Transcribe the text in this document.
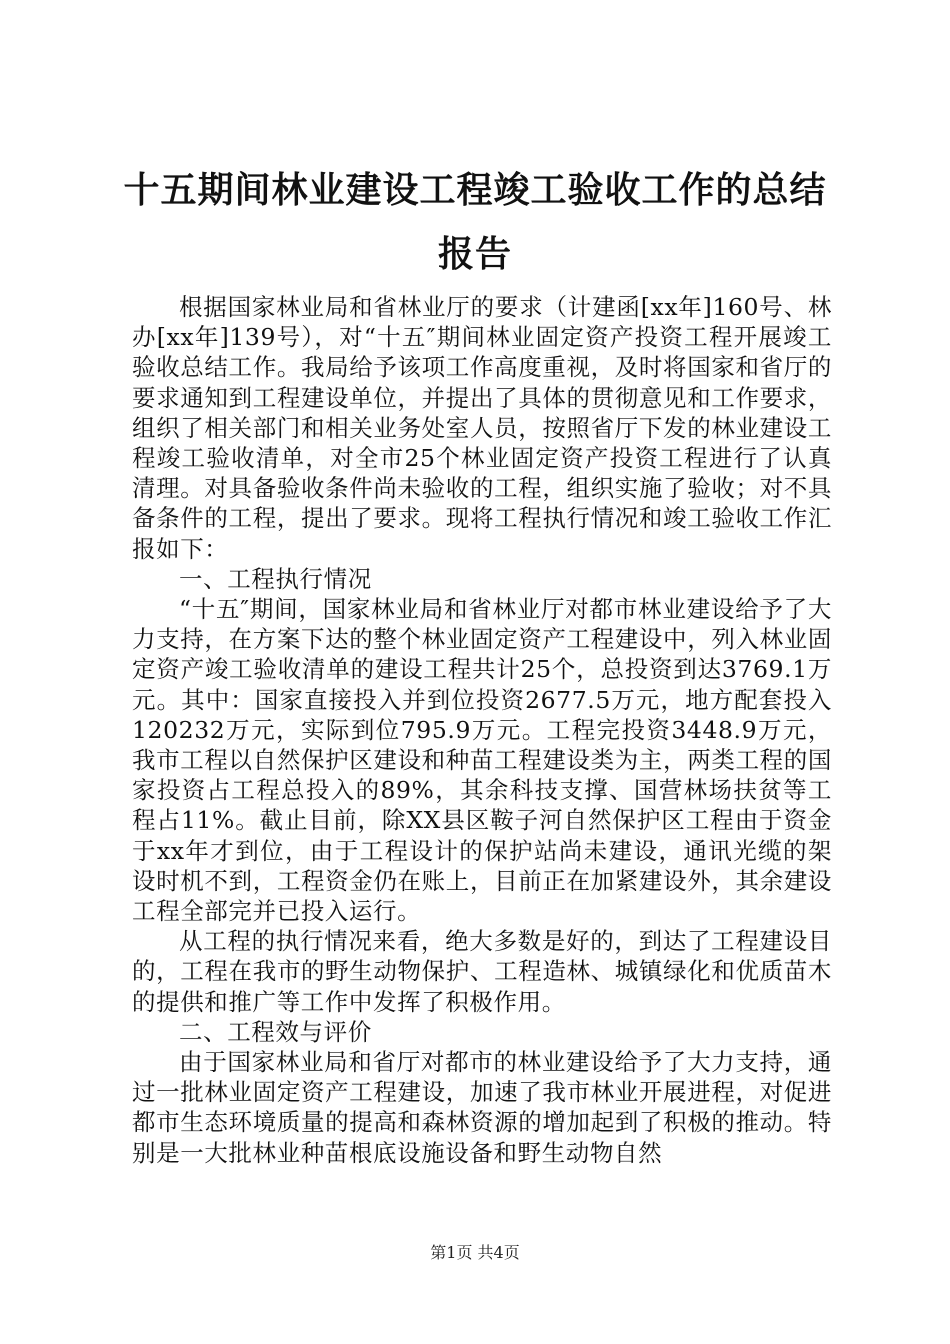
十五期间林业建设工程竣工验收工作的总结报告

根据国家林业局和省林业厅的要求（计建函[xx年]160号、林办[xx年]139号），对“十五″期间林业固定资产投资工程开展竣工验收总结工作。我局给予该项工作高度重视，及时将国家和省厅的要求通知到工程建设单位，并提出了具体的贯彻意见和工作要求，组织了相关部门和相关业务处室人员，按照省厅下发的林业建设工程竣工验收清单，对全市25个林业固定资产投资工程进行了认真清理。对具备验收条件尚未验收的工程，组织实施了验收；对不具备条件的工程，提出了要求。现将工程执行情况和竣工验收工作汇报如下：

一、工程执行情况

“十五″期间，国家林业局和省林业厅对都市林业建设给予了大力支持，在方案下达的整个林业固定资产工程建设中，列入林业固定资产竣工验收清单的建设工程共计25个，总投资到达3769.1万元。其中：国家直接投入并到位投资2677.5万元，地方配套投入120232万元，实际到位795.9万元。工程完投资3448.9万元，我市工程以自然保护区建设和种苗工程建设类为主，两类工程的国家投资占工程总投入的89%，其余科技支撑、国营林场扶贫等工程占11%。截止目前，除XX县区鞍子河自然保护区工程由于资金于xx年才到位，由于工程设计的保护站尚未建设，通讯光缆的架设时机不到，工程资金仍在账上，目前正在加紧建设外，其余建设工程全部完并已投入运行。

从工程的执行情况来看，绝大多数是好的，到达了工程建设目的，工程在我市的野生动物保护、工程造林、城镇绿化和优质苗木的提供和推广等工作中发挥了积极作用。

二、工程效与评价

由于国家林业局和省厅对都市的林业建设给予了大力支持，通过一批林业固定资产工程建设，加速了我市林业开展进程，对促进都市生态环境质量的提高和森林资源的增加起到了积极的推动。特别是一大批林业种苗根底设施设备和野生动物自然

第1页 共4页
